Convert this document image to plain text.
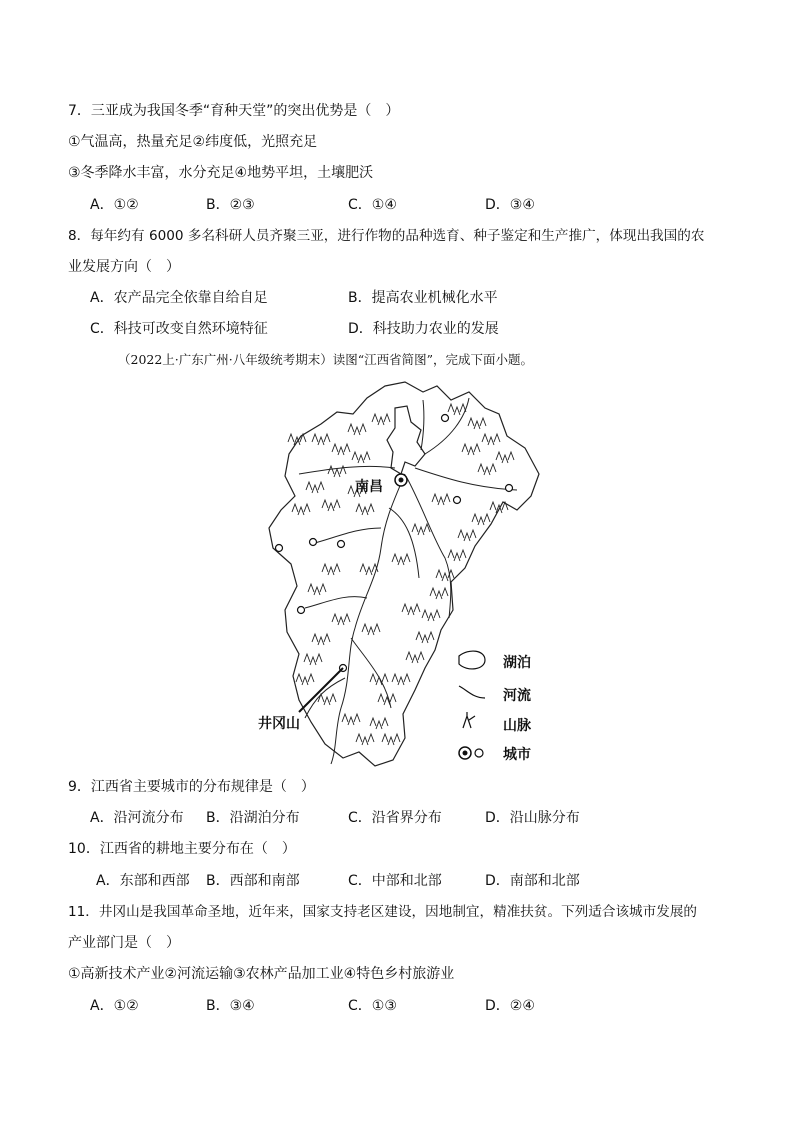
7．三亚成为我国冬季“育种天堂”的突出优势是（　）
①气温高，热量充足②纬度低，光照充足
③冬季降水丰富，水分充足④地势平坦，土壤肥沃
A．①②	B．②③	C．①④	D．③④
8．每年约有 6000 多名科研人员齐聚三亚，进行作物的品种选育、种子鉴定和生产推广，体现出我国的农
业发展方向（　）
A．农产品完全依靠自给自足	B．提高农业机械化水平
C．科技可改变自然环境特征	D．科技助力农业的发展
（2022上·广东广州·八年级统考期末）读图“江西省简图”，完成下面小题。
南昌
井冈山
湖泊
河流
山脉
城市
9．江西省主要城市的分布规律是（　）
A．沿河流分布 B．沿湖泊分布	C．沿省界分布	D．沿山脉分布
10．江西省的耕地主要分布在（　）
A．东部和西部 B．西部和南部	C．中部和北部	D．南部和北部
11．井冈山是我国革命圣地，近年来，国家支持老区建设，因地制宜，精准扶贫。下列适合该城市发展的
产业部门是（　）
①高新技术产业②河流运输③农林产品加工业④特色乡村旅游业
A．①②	B．③④	C．①③	D．②④
